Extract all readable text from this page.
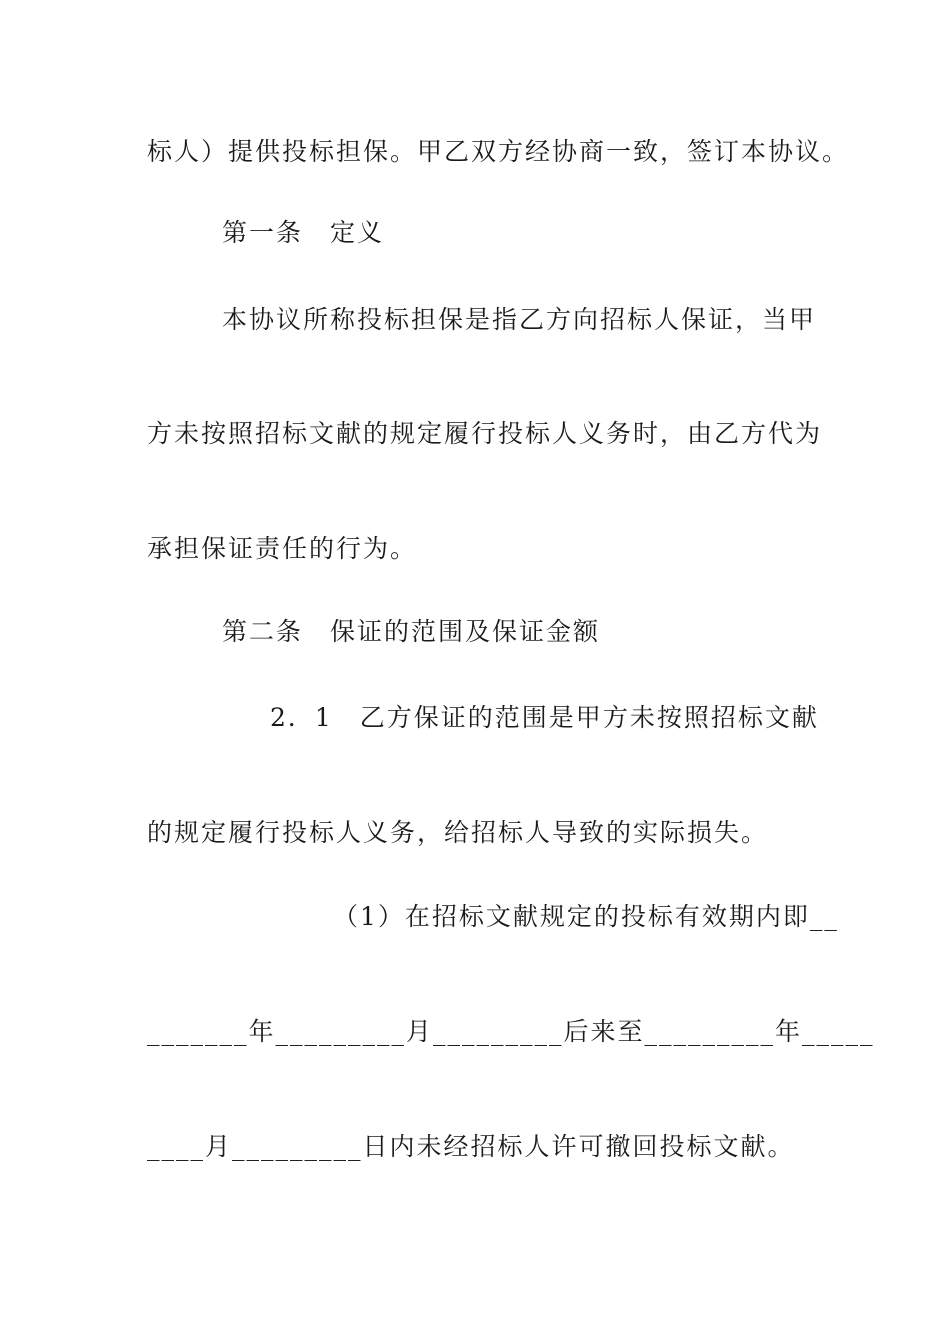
标人）提供投标担保。甲乙双方经协商一致，签订本协议。
第一条　定义
本协议所称投标担保是指乙方向招标人保证，当甲
方未按照招标文献的规定履行投标人义务时，由乙方代为
承担保证责任的行为。
第二条　保证的范围及保证金额
2．1　乙方保证的范围是甲方未按照招标文献
的规定履行投标人义务，给招标人导致的实际损失。
（1）在招标文献规定的投标有效期内即__
_______年_________月_________后来至_________年_____
____月_________日内未经招标人许可撤回投标文献。
